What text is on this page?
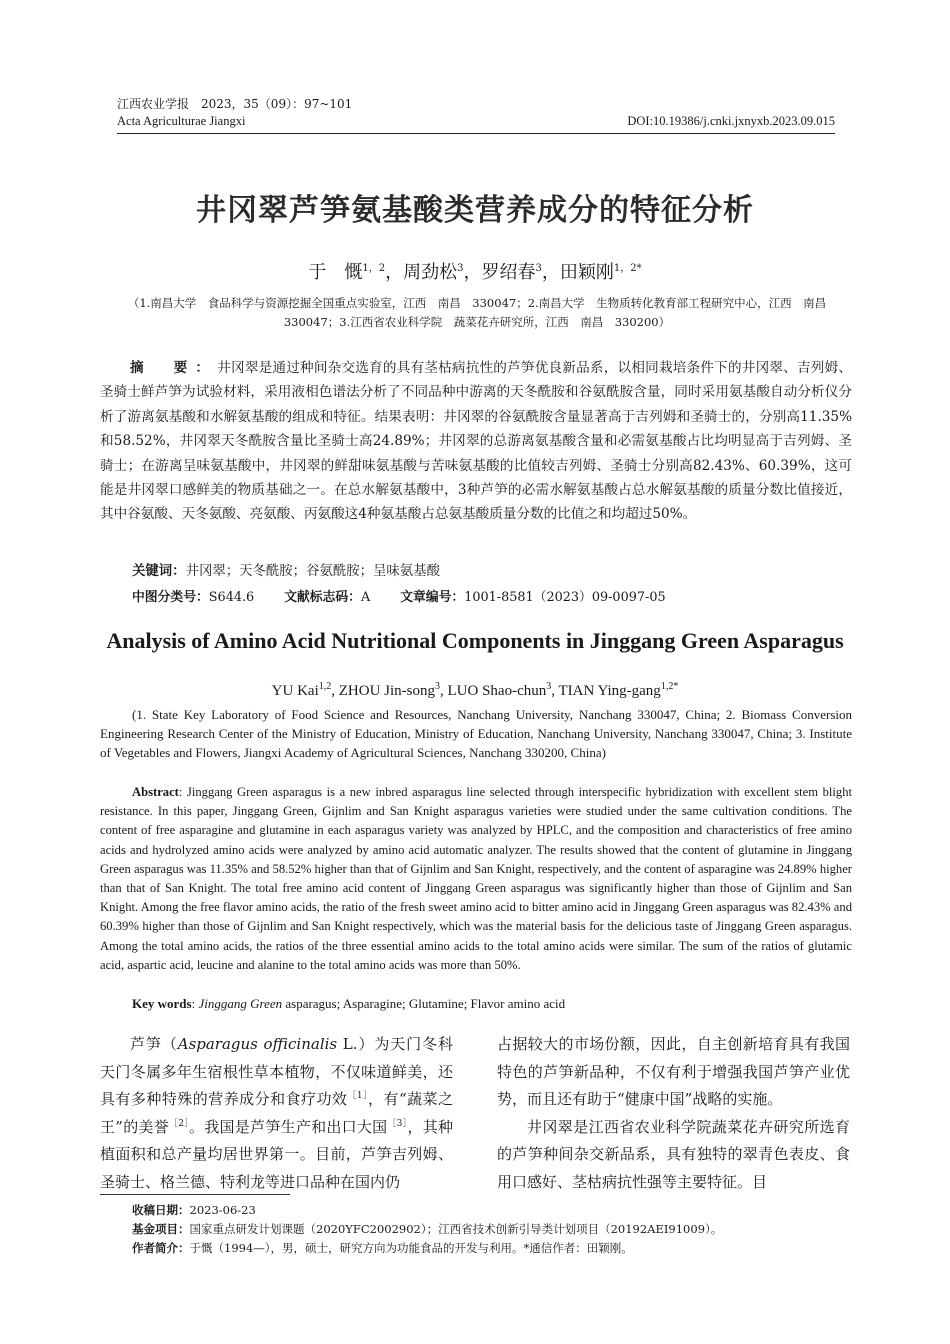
江西农业学报　2023，35（09）：97~101
Acta Agriculturae Jiangxi	DOI:10.19386/j.cnki.jxnyxb.2023.09.015
井冈翠芦笋氨基酸类营养成分的特征分析
于　慨$^{1,2}$，周劲松$^3$，罗绍春$^3$，田颖刚$^{1,2*}$
（1.南昌大学　食品科学与资源挖掘全国重点实验室，江西　南昌　330047；2.南昌大学　生物质转化教育部工程研究中心，江西　南昌　330047；3.江西省农业科学院　蔬菜花卉研究所，江西　南昌　330200）
摘　要：井冈翠是通过种间杂交选育的具有茎枯病抗性的芦笋优良新品系，以相同栽培条件下的井冈翠、吉列姆、圣骑士鲜芦笋为试验材料，采用液相色谱法分析了不同品种中游离的天冬酰胺和谷氨酰胺含量，同时采用氨基酸自动分析仪分析了游离氨基酸和水解氨基酸的组成和特征。结果表明：井冈翠的谷氨酰胺含量显著高于吉列姆和圣骑士的，分别高11.35%和58.52%，井冈翠天冬酰胺含量比圣骑士高24.89%；井冈翠的总游离氨基酸含量和必需氨基酸占比均明显高于吉列姆、圣骑士；在游离呈味氨基酸中，井冈翠的鲜甜味氨基酸与苦味氨基酸的比值较吉列姆、圣骑士分别高82.43%、60.39%，这可能是井冈翠口感鲜美的物质基础之一。在总水解氨基酸中，3种芦笋的必需水解氨基酸占总水解氨基酸的质量分数比值接近，其中谷氨酸、天冬氨酸、亮氨酸、丙氨酸这4种氨基酸占总氨基酸质量分数的比值之和均超过50%。
关键词：井冈翠；天冬酰胺；谷氨酰胺；呈味氨基酸
中图分类号：S644.6 文献标志码：A 文章编号：1001-8581（2023）09-0097-05
Analysis of Amino Acid Nutritional Components in Jinggang Green Asparagus
YU Kai$^{1,2}$, ZHOU Jin-song$^3$, LUO Shao-chun$^3$, TIAN Ying-gang$^{1,2*}$
(1. State Key Laboratory of Food Science and Resources, Nanchang University, Nanchang 330047, China; 2. Biomass Conversion Engineering Research Center of the Ministry of Education, Ministry of Education, Nanchang University, Nanchang 330047, China; 3. Institute of Vegetables and Flowers, Jiangxi Academy of Agricultural Sciences, Nanchang 330200, China)
Abstract: Jinggang Green asparagus is a new inbred asparagus line selected through interspecific hybridization with excellent stem blight resistance. In this paper, Jinggang Green, Gijnlim and San Knight asparagus varieties were studied under the same cultivation conditions. The content of free asparagine and glutamine in each asparagus variety was analyzed by HPLC, and the composition and characteristics of free amino acids and hydrolyzed amino acids were analyzed by amino acid automatic analyzer. The results showed that the content of glutamine in Jinggang Green asparagus was 11.35% and 58.52% higher than that of Gijnlim and San Knight, respectively, and the content of asparagine was 24.89% higher than that of San Knight. The total free amino acid content of Jinggang Green asparagus was significantly higher than those of Gijnlim and San Knight. Among the free flavor amino acids, the ratio of the fresh sweet amino acid to bitter amino acid in Jinggang Green asparagus was 82.43% and 60.39% higher than those of Gijnlim and San Knight respectively, which was the material basis for the delicious taste of Jinggang Green asparagus. Among the total amino acids, the ratios of the three essential amino acids to the total amino acids were similar. The sum of the ratios of glutamic acid, aspartic acid, leucine and alanine to the total amino acids was more than 50%.
Key words: Jinggang Green asparagus; Asparagine; Glutamine; Flavor amino acid

芦笋（Asparagus officinalis L.）为天门冬科天门冬属多年生宿根性草本植物，不仅味道鲜美，还具有多种特殊的营养成分和食疗功效$^{[1]}$，有“蔬菜之王”的美誉$^{[2]}$。我国是芦笋生产和出口大国$^{[3]}$，其种植面积和总产量均居世界第一。目前，芦笋吉列姆、圣骑士、格兰德、特利龙等进口品种在国内仍

占据较大的市场份额，因此，自主创新培育具有我国特色的芦笋新品种，不仅有利于增强我国芦笋产业优势，而且还有助于“健康中国”战略的实施。

井冈翠是江西省农业科学院蔬菜花卉研究所选育的芦笋种间杂交新品系，具有独特的翠青色表皮、食用口感好、茎枯病抗性强等主要特征。目

收稿日期：2023-06-23
基金项目：国家重点研发计划课题（2020YFC2002902）；江西省技术创新引导类计划项目（20192AEI91009）。
作者简介：于慨（1994—），男，硕士，研究方向为功能食品的开发与利用。*通信作者：田颖刚。
